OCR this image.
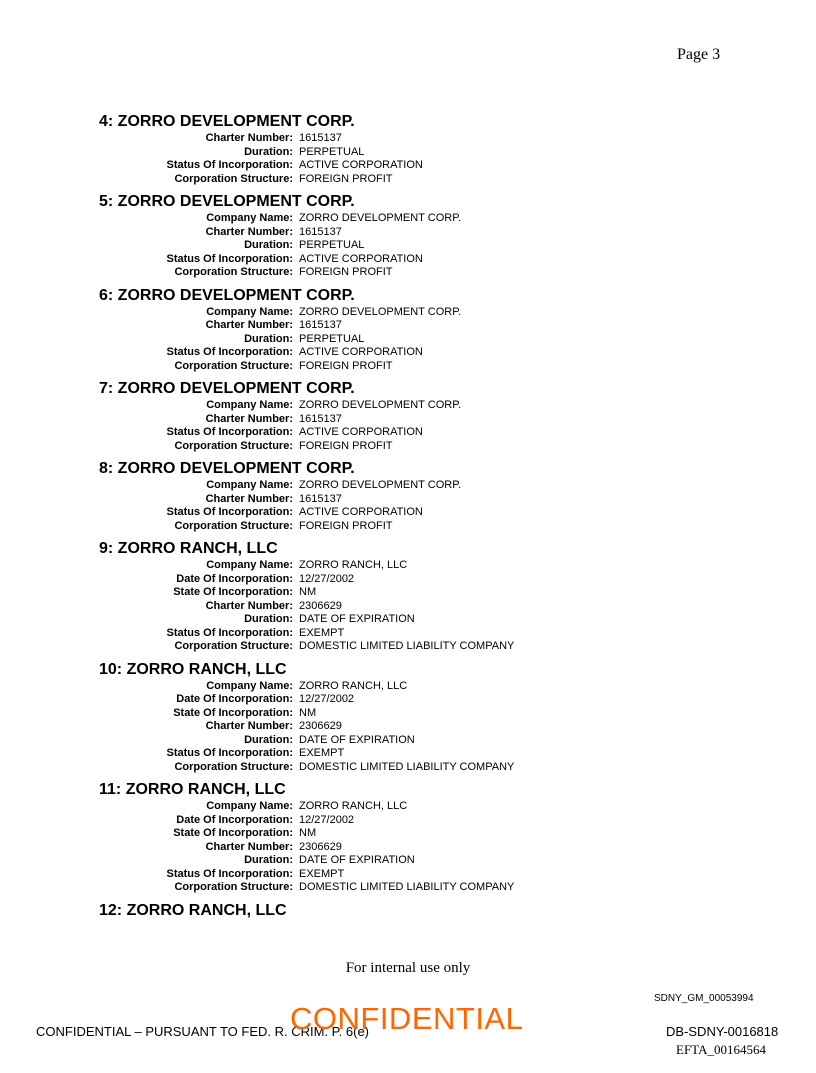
Page 3
4: ZORRO DEVELOPMENT CORP.
Charter Number: 1615137
Duration: PERPETUAL
Status Of Incorporation: ACTIVE CORPORATION
Corporation Structure: FOREIGN PROFIT
5: ZORRO DEVELOPMENT CORP.
Company Name: ZORRO DEVELOPMENT CORP.
Charter Number: 1615137
Duration: PERPETUAL
Status Of Incorporation: ACTIVE CORPORATION
Corporation Structure: FOREIGN PROFIT
6: ZORRO DEVELOPMENT CORP.
Company Name: ZORRO DEVELOPMENT CORP.
Charter Number: 1615137
Duration: PERPETUAL
Status Of Incorporation: ACTIVE CORPORATION
Corporation Structure: FOREIGN PROFIT
7: ZORRO DEVELOPMENT CORP.
Company Name: ZORRO DEVELOPMENT CORP.
Charter Number: 1615137
Status Of Incorporation: ACTIVE CORPORATION
Corporation Structure: FOREIGN PROFIT
8: ZORRO DEVELOPMENT CORP.
Company Name: ZORRO DEVELOPMENT CORP.
Charter Number: 1615137
Status Of Incorporation: ACTIVE CORPORATION
Corporation Structure: FOREIGN PROFIT
9: ZORRO RANCH, LLC
Company Name: ZORRO RANCH, LLC
Date Of Incorporation: 12/27/2002
State Of Incorporation: NM
Charter Number: 2306629
Duration: DATE OF EXPIRATION
Status Of Incorporation: EXEMPT
Corporation Structure: DOMESTIC LIMITED LIABILITY COMPANY
10: ZORRO RANCH, LLC
Company Name: ZORRO RANCH, LLC
Date Of Incorporation: 12/27/2002
State Of Incorporation: NM
Charter Number: 2306629
Duration: DATE OF EXPIRATION
Status Of Incorporation: EXEMPT
Corporation Structure: DOMESTIC LIMITED LIABILITY COMPANY
11: ZORRO RANCH, LLC
Company Name: ZORRO RANCH, LLC
Date Of Incorporation: 12/27/2002
State Of Incorporation: NM
Charter Number: 2306629
Duration: DATE OF EXPIRATION
Status Of Incorporation: EXEMPT
Corporation Structure: DOMESTIC LIMITED LIABILITY COMPANY
12: ZORRO RANCH, LLC
For internal use only
SDNY_GM_00053994
CONFIDENTIAL – PURSUANT TO FED. R. CRIM. P. 6(e)
CONFIDENTIAL	DB-SDNY-0016818
EFTA_00164564
